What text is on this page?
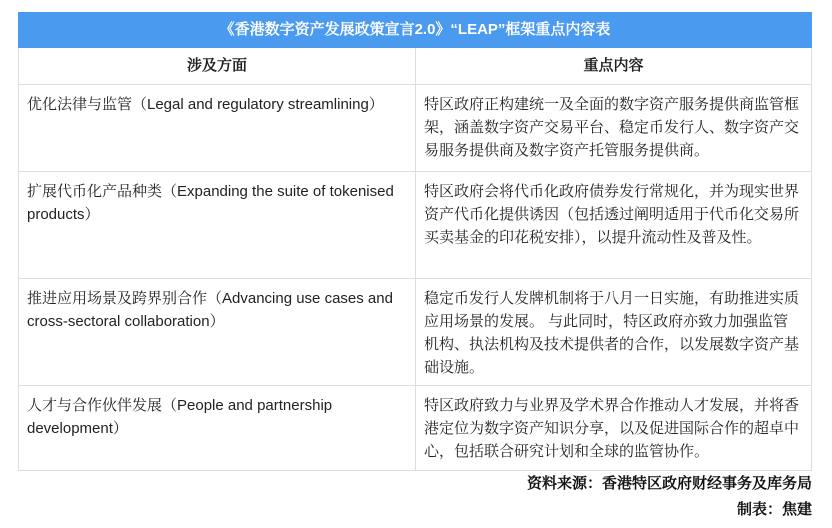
《香港数字资产发展政策宣言2.0》“LEAP”框架重点内容表
涉及方面	重点内容
优化法律与监管（Legal and regulatory streamlining）	特区政府正构建统一及全面的数字资产服务提供商监管框架，涵盖数字资产交易平台、稳定币发行人、数字资产交易服务提供商及数字资产托管服务提供商。
扩展代币化产品种类（Expanding the suite of tokenised products）
特区政府会将代币化政府债券发行常规化，并为现实世界资产代币化提供诱因（包括透过阐明适用于代币化交易所买卖基金的印花税安排），以提升流动性及普及性。
推进应用场景及跨界别合作（Advancing use cases and cross-sectoral collaboration）
稳定币发行人发牌机制将于八月一日实施，有助推进实质应用场景的发展。 与此同时，特区政府亦致力加强监管机构、执法机构及技术提供者的合作，以发展数字资产基础设施。
人才与合作伙伴发展（People and partnership development）
特区政府致力与业界及学术界合作推动人才发展，并将香港定位为数字资产知识分享，以及促进国际合作的超卓中心，包括联合研究计划和全球的监管协作。
资料来源：香港特区政府财经事务及库务局
制表：焦建
